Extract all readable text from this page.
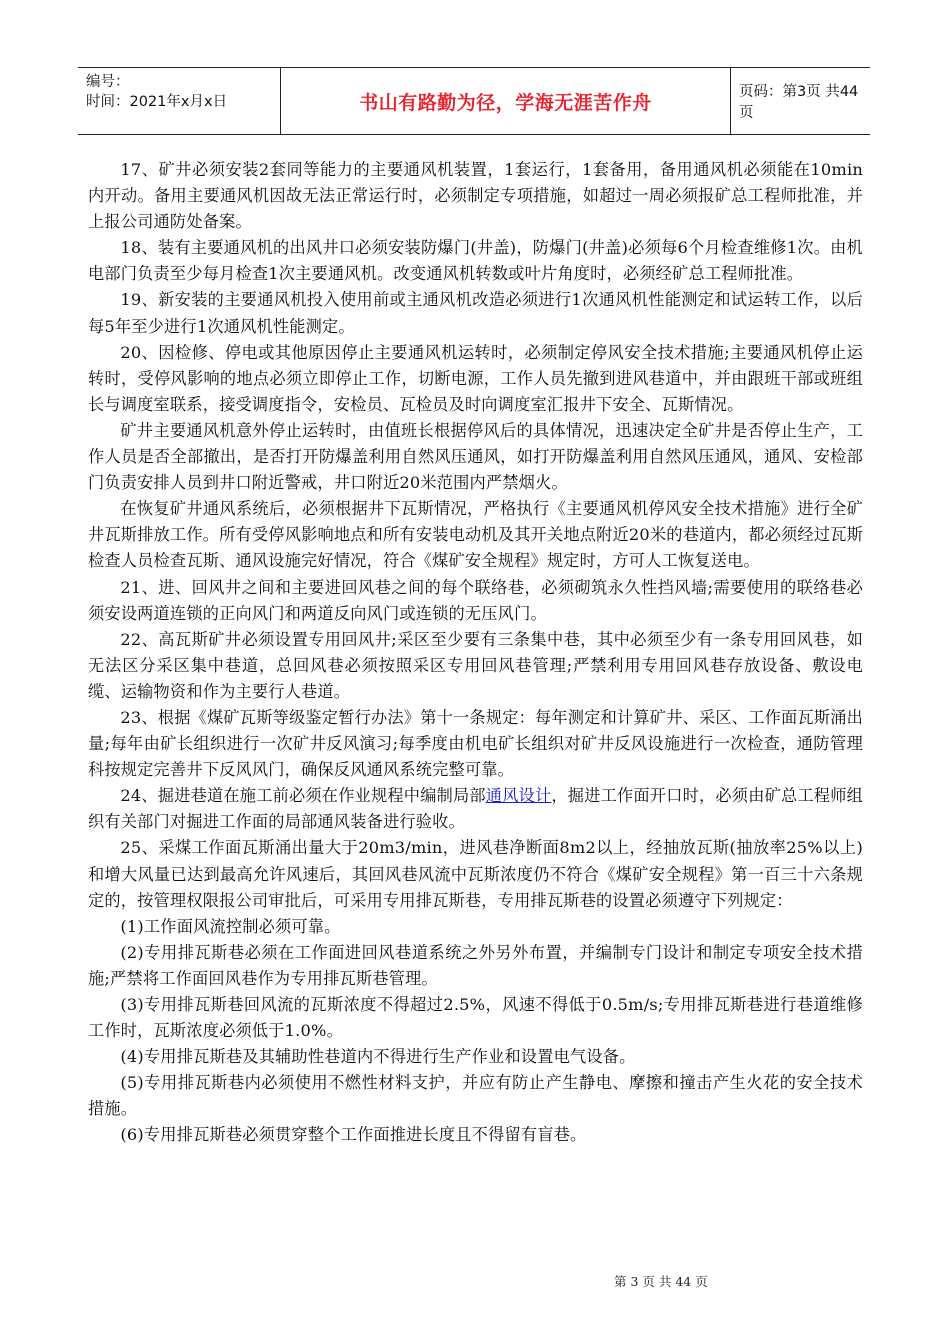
编号：
时间：2021年x月x日	书山有路勤为径，学海无涯苦作舟	页码：第3页 共44页

17、矿井必须安装2套同等能力的主要通风机装置，1套运行，1套备用，备用通风机必须能在10min内开动。备用主要通风机因故无法正常运行时，必须制定专项措施，如超过一周必须报矿总工程师批准，并上报公司通防处备案。

18、装有主要通风机的出风井口必须安装防爆门(井盖)，防爆门(井盖)必须每6个月检查维修1次。由机电部门负责至少每月检查1次主要通风机。改变通风机转数或叶片角度时，必须经矿总工程师批准。

19、新安装的主要通风机投入使用前或主通风机改造必须进行1次通风机性能测定和试运转工作，以后每5年至少进行1次通风机性能测定。

20、因检修、停电或其他原因停止主要通风机运转时，必须制定停风安全技术措施;主要通风机停止运转时，受停风影响的地点必须立即停止工作，切断电源，工作人员先撤到进风巷道中，并由跟班干部或班组长与调度室联系，接受调度指令，安检员、瓦检员及时向调度室汇报井下安全、瓦斯情况。

矿井主要通风机意外停止运转时，由值班长根据停风后的具体情况，迅速决定全矿井是否停止生产，工作人员是否全部撤出，是否打开防爆盖利用自然风压通风，如打开防爆盖利用自然风压通风，通风、安检部门负责安排人员到井口附近警戒，井口附近20米范围内严禁烟火。

在恢复矿井通风系统后，必须根据井下瓦斯情况，严格执行《主要通风机停风安全技术措施》进行全矿井瓦斯排放工作。所有受停风影响地点和所有安装电动机及其开关地点附近20米的巷道内，都必须经过瓦斯检查人员检查瓦斯、通风设施完好情况，符合《煤矿安全规程》规定时，方可人工恢复送电。

21、进、回风井之间和主要进回风巷之间的每个联络巷，必须砌筑永久性挡风墙;需要使用的联络巷必须安设两道连锁的正向风门和两道反向风门或连锁的无压风门。

22、高瓦斯矿井必须设置专用回风井;采区至少要有三条集中巷，其中必须至少有一条专用回风巷，如无法区分采区集中巷道，总回风巷必须按照采区专用回风巷管理;严禁利用专用回风巷存放设备、敷设电缆、运输物资和作为主要行人巷道。

23、根据《煤矿瓦斯等级鉴定暂行办法》第十一条规定：每年测定和计算矿井、采区、工作面瓦斯涌出量;每年由矿长组织进行一次矿井反风演习;每季度由机电矿长组织对矿井反风设施进行一次检查，通防管理科按规定完善井下反风风门，确保反风通风系统完整可靠。

24、掘进巷道在施工前必须在作业规程中编制局部通风设计，掘进工作面开口时，必须由矿总工程师组织有关部门对掘进工作面的局部通风装备进行验收。

25、采煤工作面瓦斯涌出量大于20m3/min，进风巷净断面8m2以上，经抽放瓦斯(抽放率25%以上)和增大风量已达到最高允许风速后，其回风巷风流中瓦斯浓度仍不符合《煤矿安全规程》第一百三十六条规定的，按管理权限报公司审批后，可采用专用排瓦斯巷，专用排瓦斯巷的设置必须遵守下列规定：

(1)工作面风流控制必须可靠。

(2)专用排瓦斯巷必须在工作面进回风巷道系统之外另外布置，并编制专门设计和制定专项安全技术措施;严禁将工作面回风巷作为专用排瓦斯巷管理。

(3)专用排瓦斯巷回风流的瓦斯浓度不得超过2.5%，风速不得低于0.5m/s;专用排瓦斯巷进行巷道维修工作时，瓦斯浓度必须低于1.0%。

(4)专用排瓦斯巷及其辅助性巷道内不得进行生产作业和设置电气设备。

(5)专用排瓦斯巷内必须使用不燃性材料支护，并应有防止产生静电、摩擦和撞击产生火花的安全技术措施。

(6)专用排瓦斯巷必须贯穿整个工作面推进长度且不得留有盲巷。

第 3 页 共 44 页
